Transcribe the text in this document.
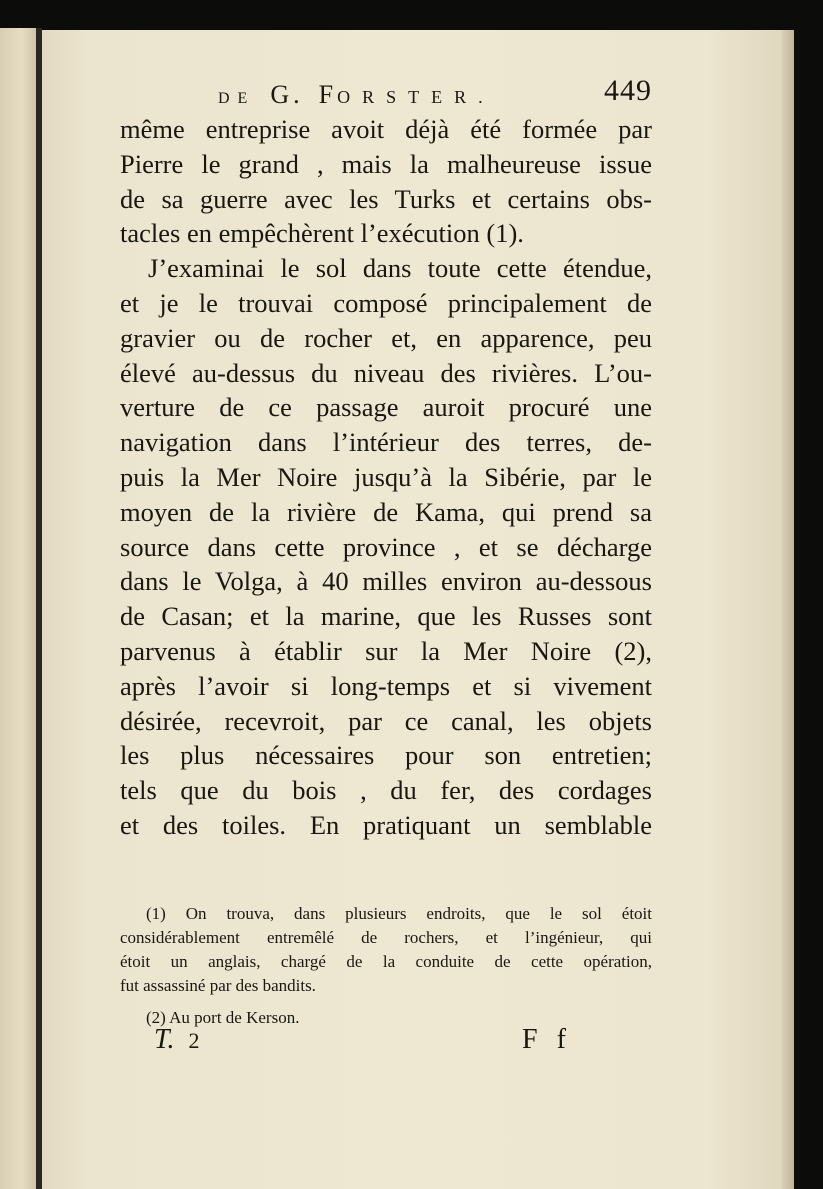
DE G. FORSTER.	449
même entreprise avoit déjà été formée par
Pierre le grand , mais la malheureuse issue
de sa guerre avec les Turks et certains obs-
tacles en empêchèrent l’exécution (1).
J’examinai le sol dans toute cette étendue,
et je le trouvai composé principalement de
gravier ou de rocher et, en apparence, peu
élevé au-dessus du niveau des rivières. L’ou-
verture de ce passage auroit procuré une
navigation dans l’intérieur des terres, de-
puis la Mer Noire jusqu’à la Sibérie, par le
moyen de la rivière de Kama, qui prend sa
source dans cette province , et se décharge
dans le Volga, à 40 milles environ au-dessous
de Casan; et la marine, que les Russes sont
parvenus à établir sur la Mer Noire (2),
après l’avoir si long-temps et si vivement
désirée, recevroit, par ce canal, les objets
les plus nécessaires pour son entretien;
tels que du bois , du fer, des cordages
et des toiles. En pratiquant un semblable
(1) On trouva, dans plusieurs endroits, que le sol étoit
considérablement entremêlé de rochers, et l’ingénieur, qui
étoit un anglais, chargé de la conduite de cette opération,
fut assassiné par des bandits.
(2) Au port de Kerson.
T. 2	F f
